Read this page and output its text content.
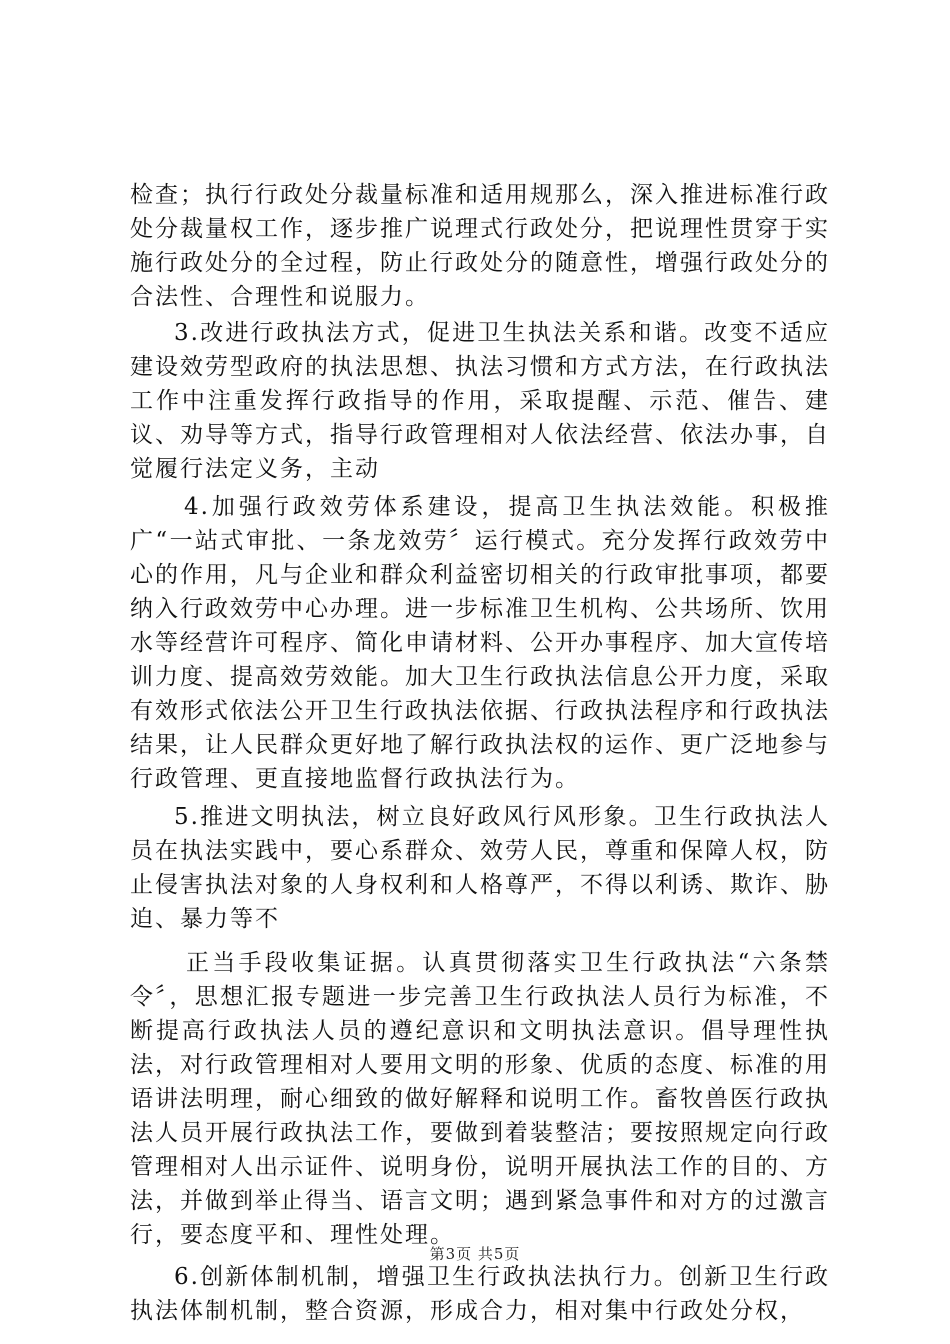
检查；执行行政处分裁量标准和适用规那么，深入推进标准行政处分裁量权工作，逐步推广说理式行政处分，把说理性贯穿于实施行政处分的全过程，防止行政处分的随意性，增强行政处分的合法性、合理性和说服力。

3.改进行政执法方式，促进卫生执法关系和谐。改变不适应建设效劳型政府的执法思想、执法习惯和方式方法，在行政执法工作中注重发挥行政指导的作用，采取提醒、示范、催告、建议、劝导等方式，指导行政管理相对人依法经营、依法办事，自觉履行法定义务，主动

4.加强行政效劳体系建设，提高卫生执法效能。积极推广“一站式审批、一条龙效劳〞运行模式。充分发挥行政效劳中心的作用，凡与企业和群众利益密切相关的行政审批事项，都要纳入行政效劳中心办理。进一步标准卫生机构、公共场所、饮用水等经营许可程序、简化申请材料、公开办事程序、加大宣传培训力度、提高效劳效能。加大卫生行政执法信息公开力度，采取有效形式依法公开卫生行政执法依据、行政执法程序和行政执法结果，让人民群众更好地了解行政执法权的运作、更广泛地参与行政管理、更直接地监督行政执法行为。

5.推进文明执法，树立良好政风行风形象。卫生行政执法人员在执法实践中，要心系群众、效劳人民，尊重和保障人权，防止侵害执法对象的人身权利和人格尊严，不得以利诱、欺诈、胁迫、暴力等不

正当手段收集证据。认真贯彻落实卫生行政执法“六条禁令〞，思想汇报专题进一步完善卫生行政执法人员行为标准，不断提高行政执法人员的遵纪意识和文明执法意识。倡导理性执法，对行政管理相对人要用文明的形象、优质的态度、标准的用语讲法明理，耐心细致的做好解释和说明工作。畜牧兽医行政执法人员开展行政执法工作，要做到着装整洁；要按照规定向行政管理相对人出示证件、说明身份，说明开展执法工作的目的、方法，并做到举止得当、语言文明；遇到紧急事件和对方的过激言行，要态度平和、理性处理。

6.创新体制机制，增强卫生行政执法执行力。创新卫生行政执法体制机制，整合资源，形成合力，相对集中行政处分权，

第3页 共5页
